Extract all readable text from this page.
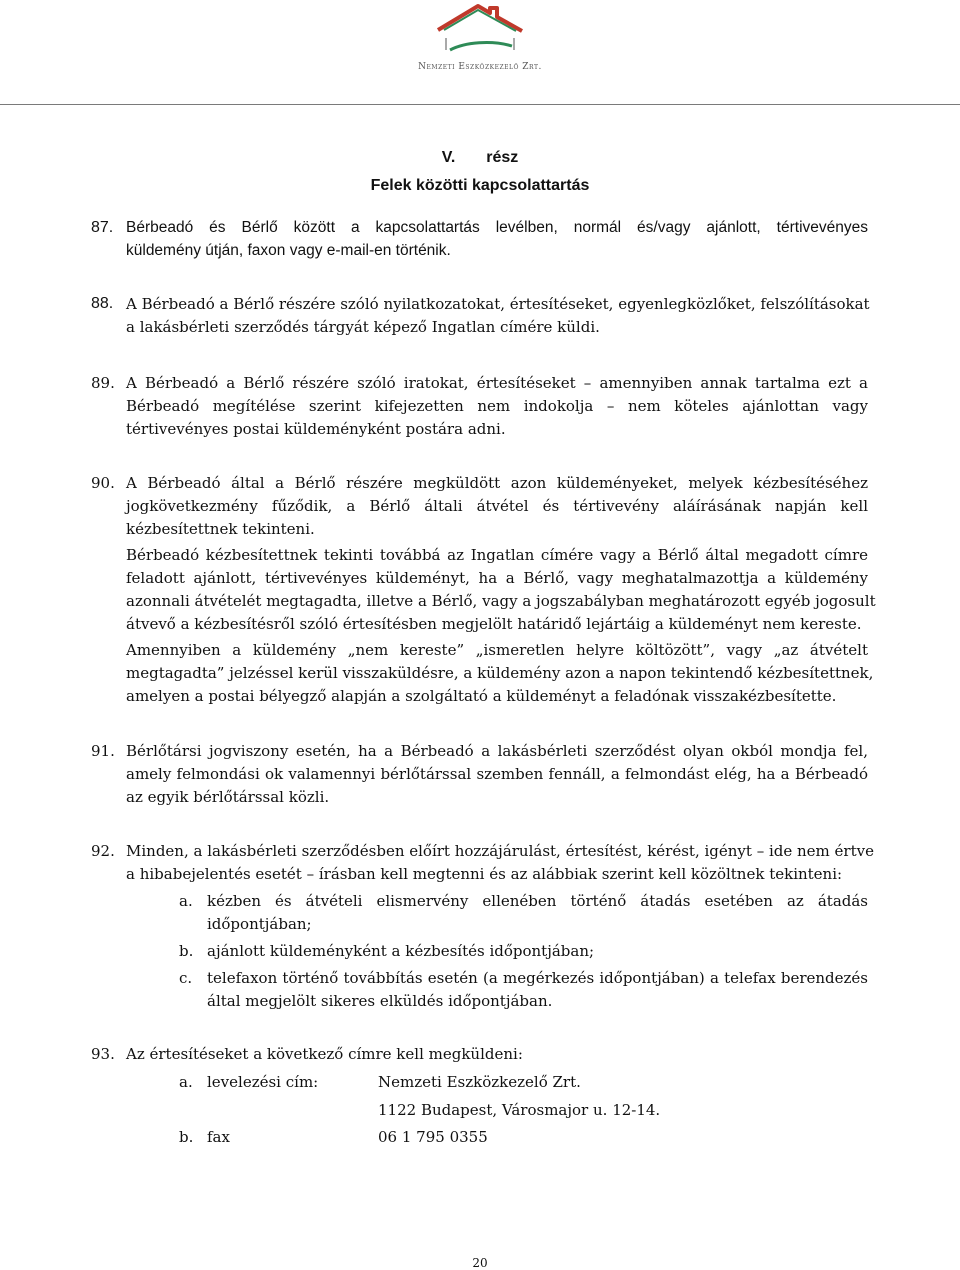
Nemzeti Eszközkezelő Zrt.
V. rész
Felek közötti kapcsolattartás
87. Bérbeadó és Bérlő között a kapcsolattartás levélben, normál és/vagy ajánlott, tértivevényes
küldemény útján, faxon vagy e-mail-en történik.
88. A Bérbeadó a Bérlő részére szóló nyilatkozatokat, értesítéseket, egyenlegközlőket, felszólításokat
a lakásbérleti szerződés tárgyát képező Ingatlan címére küldi.
89. A Bérbeadó a Bérlő részére szóló iratokat, értesítéseket – amennyiben annak tartalma ezt a
Bérbeadó megítélése szerint kifejezetten nem indokolja – nem köteles ajánlottan vagy
tértivevényes postai küldeményként postára adni.
90. A Bérbeadó által a Bérlő részére megküldött azon küldeményeket, melyek kézbesítéséhez
jogkövetkezmény fűződik, a Bérlő általi átvétel és tértivevény aláírásának napján kell
kézbesítettnek tekinteni.
Bérbeadó kézbesítettnek tekinti továbbá az Ingatlan címére vagy a Bérlő által megadott címre
feladott ajánlott, tértivevényes küldeményt, ha a Bérlő, vagy meghatalmazottja a küldemény
azonnali átvételét megtagadta, illetve a Bérlő, vagy a jogszabályban meghatározott egyéb jogosult
átvevő a kézbesítésről szóló értesítésben megjelölt határidő lejártáig a küldeményt nem kereste.
Amennyiben a küldemény „nem kereste” „ismeretlen helyre költözött”, vagy „az átvételt
megtagadta” jelzéssel kerül visszaküldésre, a küldemény azon a napon tekintendő kézbesítettnek,
amelyen a postai bélyegző alapján a szolgáltató a küldeményt a feladónak visszakézbesítette.
91. Bérlőtársi jogviszony esetén, ha a Bérbeadó a lakásbérleti szerződést olyan okból mondja fel,
amely felmondási ok valamennyi bérlőtárssal szemben fennáll, a felmondást elég, ha a Bérbeadó
az egyik bérlőtárssal közli.
92. Minden, a lakásbérleti szerződésben előírt hozzájárulást, értesítést, kérést, igényt – ide nem értve
a hibabejelentés esetét – írásban kell megtenni és az alábbiak szerint kell közöltnek tekinteni:
a. kézben és átvételi elismervény ellenében történő átadás esetében az átadás
időpontjában;
b. ajánlott küldeményként a kézbesítés időpontjában;
c. telefaxon történő továbbítás esetén (a megérkezés időpontjában) a telefax berendezés
által megjelölt sikeres elküldés időpontjában.
93. Az értesítéseket a következő címre kell megküldeni:
a. levelezési cím:	Nemzeti Eszközkezelő Zrt.
1122 Budapest, Városmajor u. 12-14.
b. fax	06 1 795 0355
20
